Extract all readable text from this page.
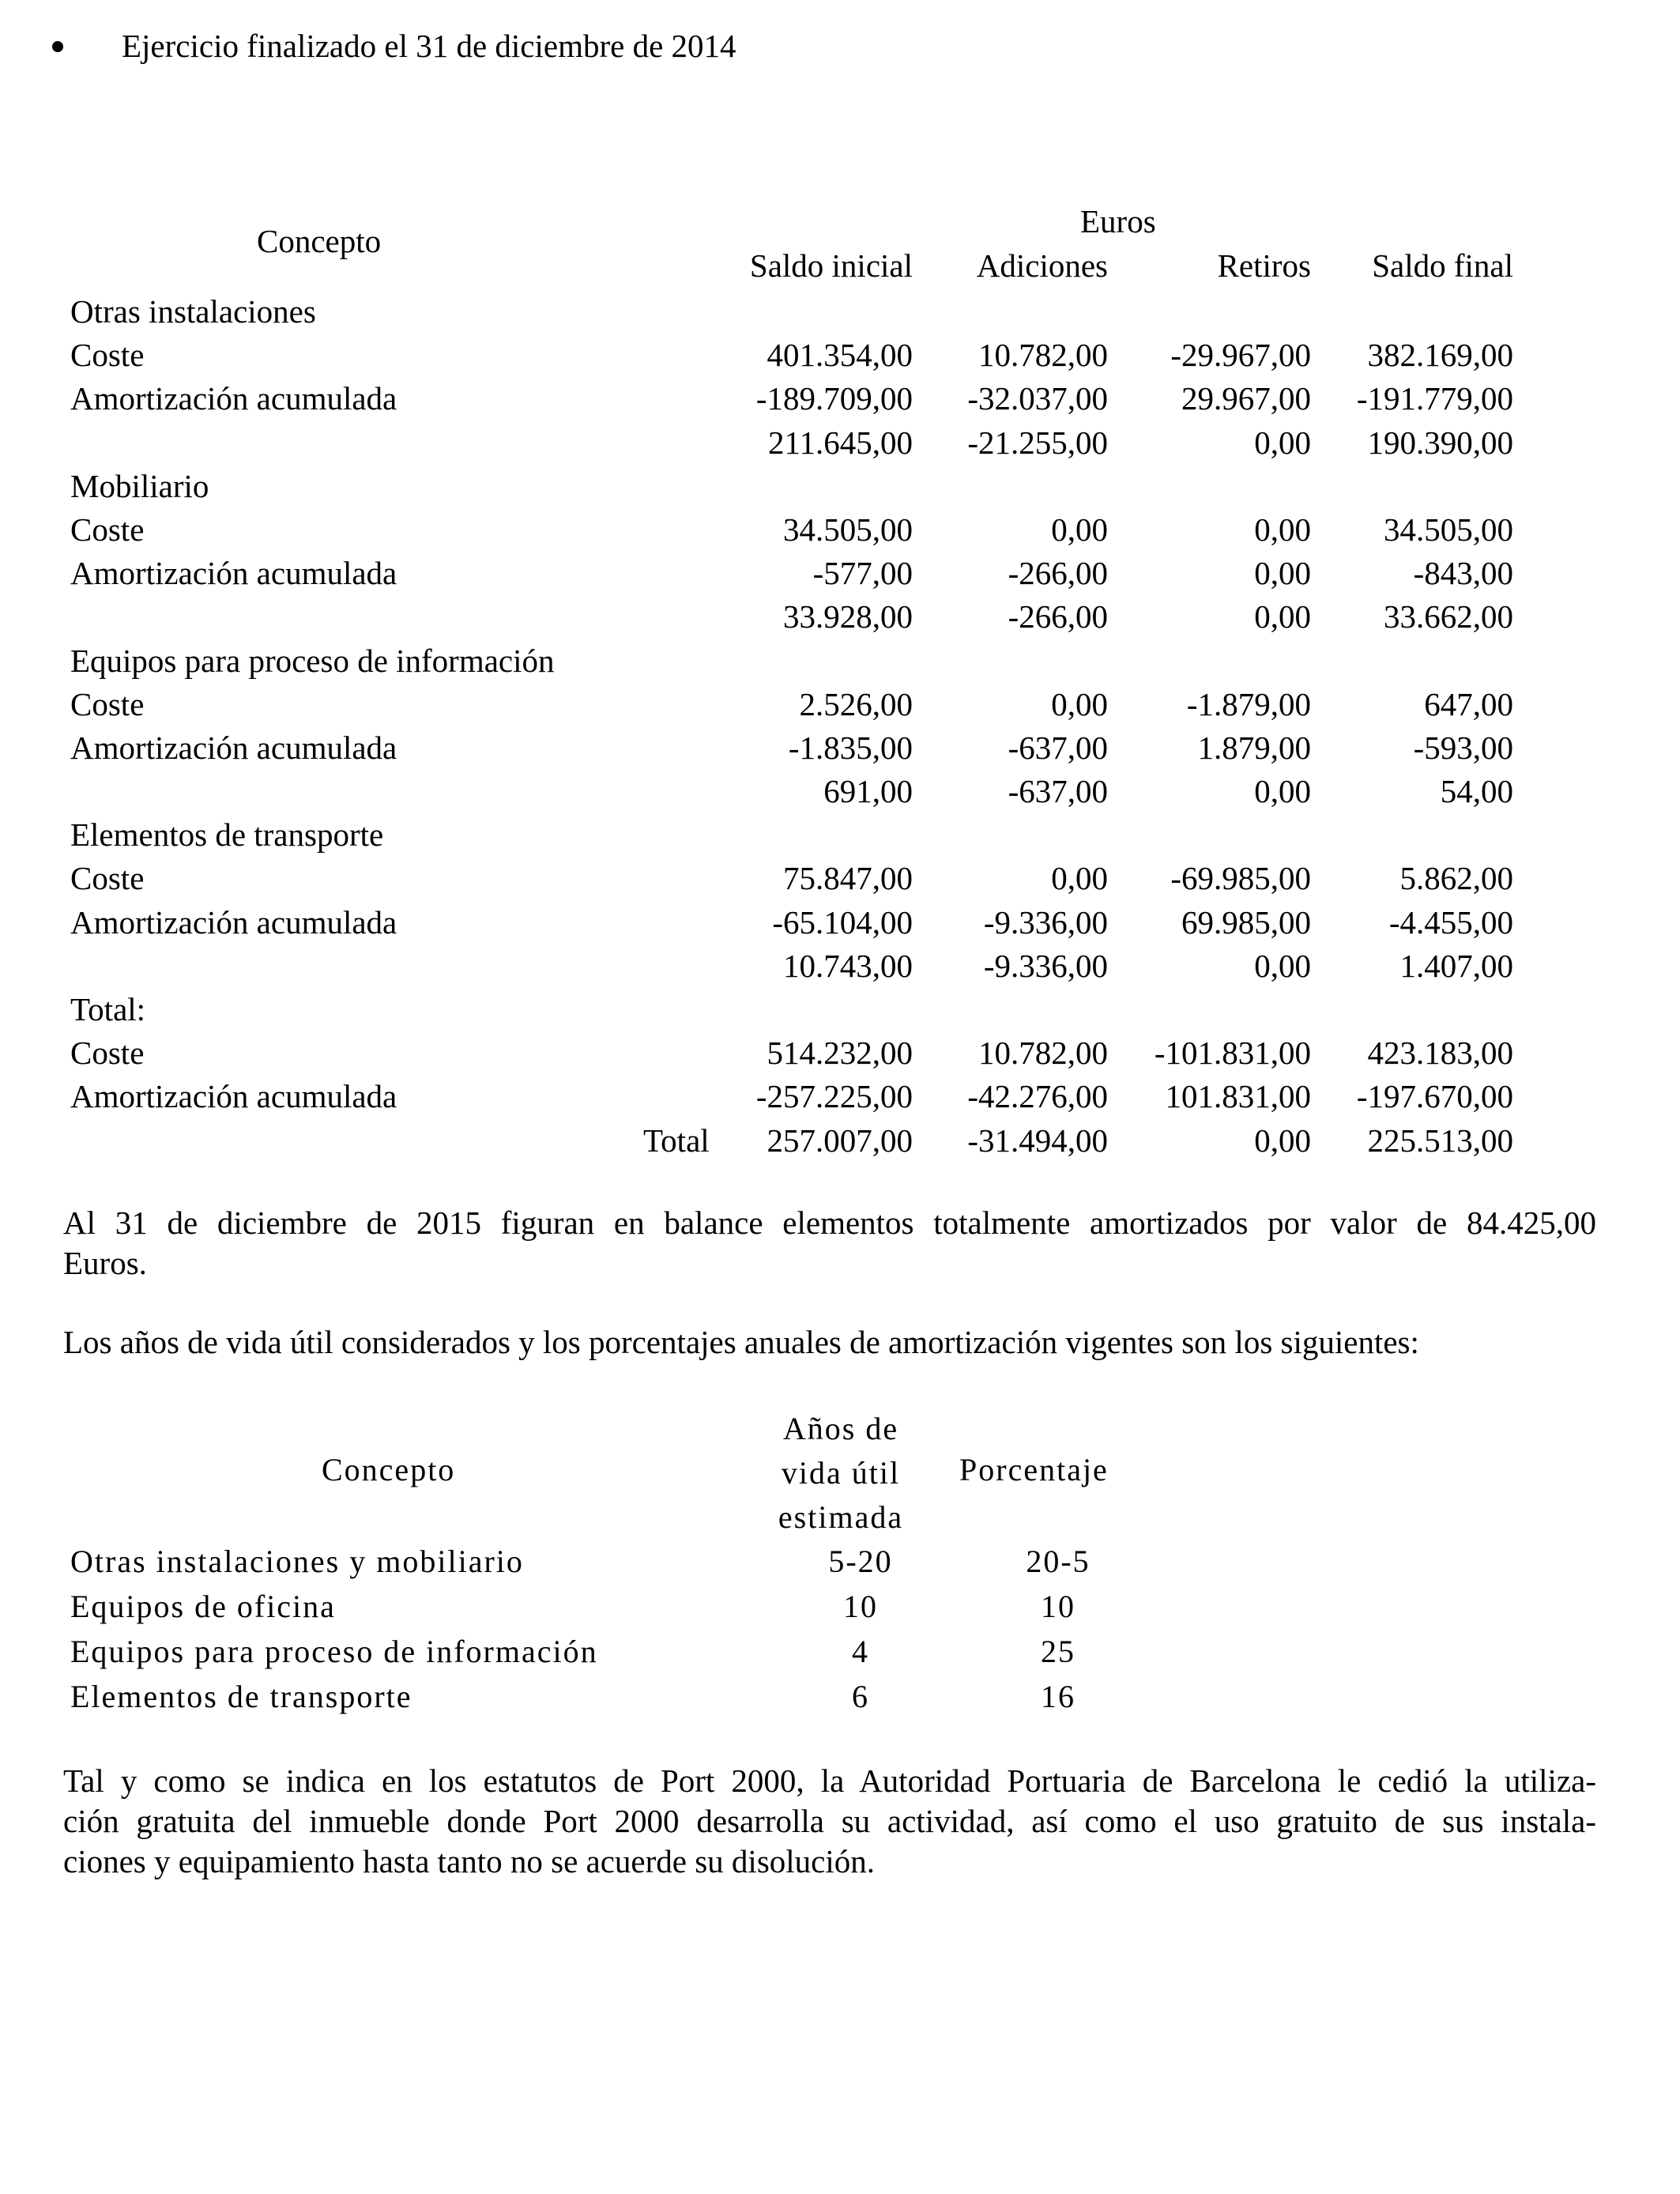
Ejercicio finalizado el 31 de diciembre de 2014
Concepto
Euros
Saldo inicial	Adiciones	Retiros	Saldo final
Otras instalaciones
Coste	401.354,00	10.782,00	-29.967,00	382.169,00
Amortización acumulada	-189.709,00	-32.037,00	29.967,00	-191.779,00
211.645,00	-21.255,00	0,00	190.390,00
Mobiliario
Coste	34.505,00	0,00	0,00	34.505,00
Amortización acumulada	-577,00	-266,00	0,00	-843,00
33.928,00	-266,00	0,00	33.662,00
Equipos para proceso de información
Coste	2.526,00	0,00	-1.879,00	647,00
Amortización acumulada	-1.835,00	-637,00	1.879,00	-593,00
691,00	-637,00	0,00	54,00
Elementos de transporte
Coste	75.847,00	0,00	-69.985,00	5.862,00
Amortización acumulada	-65.104,00	-9.336,00	69.985,00	-4.455,00
10.743,00	-9.336,00	0,00	1.407,00
Total:
Coste	514.232,00	10.782,00	-101.831,00	423.183,00
Amortización acumulada	-257.225,00	-42.276,00	101.831,00	-197.670,00
Total	257.007,00	-31.494,00	0,00	225.513,00
Al 31 de diciembre de 2015 figuran en balance elementos totalmente amortizados por valor de 84.425,00
Euros.
Los años de vida útil considerados y los porcentajes anuales de amortización vigentes son los siguientes:
Concepto
Años de
vida útil
estimada
Porcentaje
Otras instalaciones y mobiliario	5-20	20-5
Equipos de oficina	10	10
Equipos para proceso de información	4	25
Elementos de transporte	6	16
Tal y como se indica en los estatutos de Port 2000, la Autoridad Portuaria de Barcelona le cedió la utiliza-
ción gratuita del inmueble donde Port 2000 desarrolla su actividad, así como el uso gratuito de sus instala-
ciones y equipamiento hasta tanto no se acuerde su disolución.
